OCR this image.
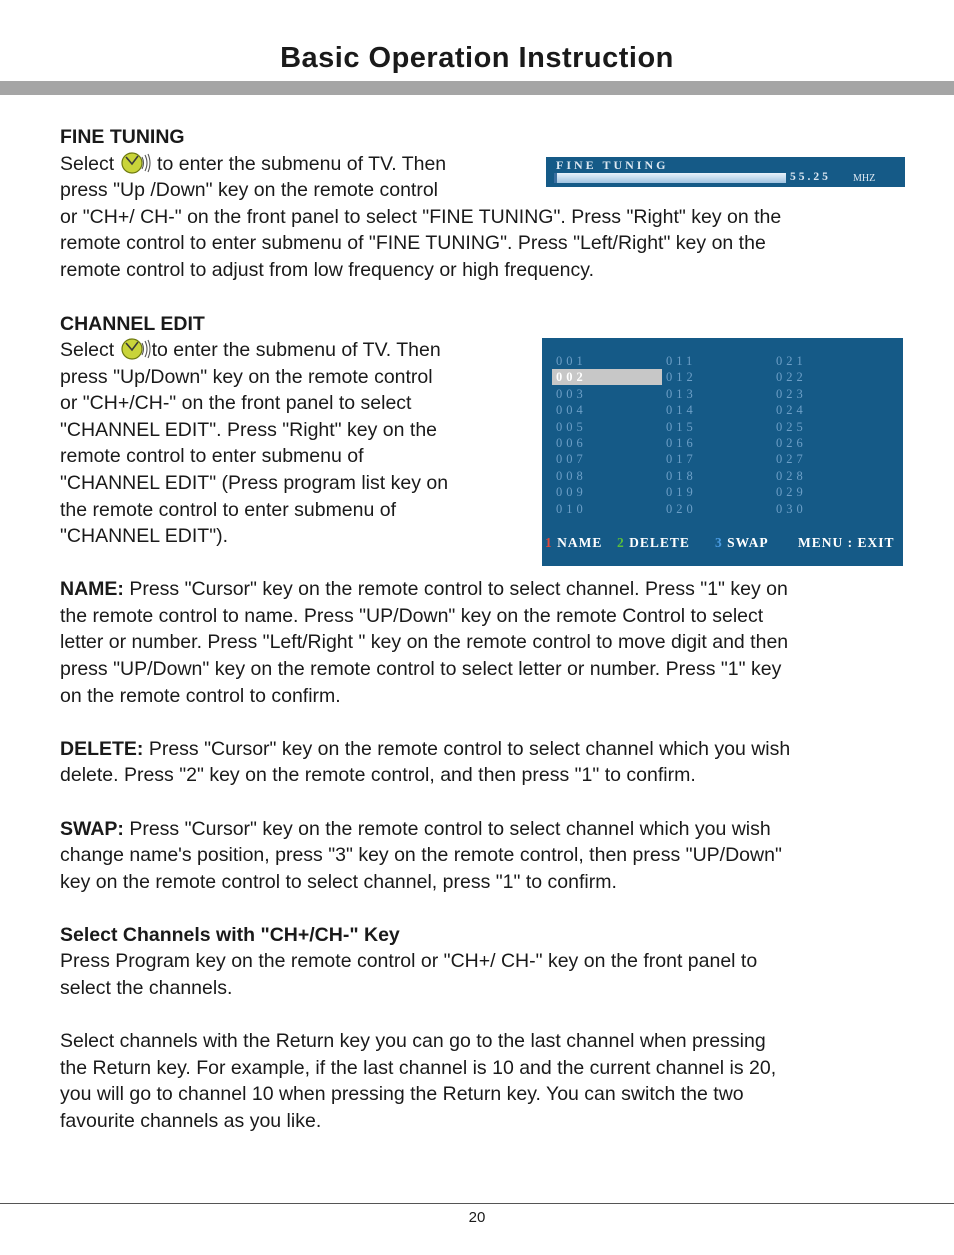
Basic Operation Instruction
FINE TUNING
Select  to enter the submenu of TV. Then
press "Up /Down" key on the remote control
or "CH+/ CH-" on the front panel to select "FINE TUNING". Press "Right" key on the
remote control to enter submenu of "FINE TUNING". Press "Left/Right" key on the
remote control to adjust from low frequency or high frequency.
FINE TUNING
55.25 MHZ
CHANNEL EDIT
Select to enter the submenu of TV. Then
press "Up/Down" key on the remote control
or "CH+/CH-" on the front panel to select
"CHANNEL EDIT". Press "Right" key on the
remote control to enter submenu of
"CHANNEL EDIT" (Press program list key on
the remote control to enter submenu of
"CHANNEL EDIT").	1 NAME 2 DELETE 3 SWAP MENU : EXIT
001
002
003
004
005
006
007
008
009
010
011
012
013
014
015
016
017
018
019
020
021
022
023
024
025
026
027
028
029
030
NAME: Press "Cursor" key on the remote control to select channel. Press "1" key on
the remote control to name. Press "UP/Down" key on the remote Control to select
letter or number. Press "Left/Right " key on the remote control to move digit and then
press "UP/Down" key on the remote control to select letter or number. Press "1" key
on the remote control to confirm.
DELETE: Press "Cursor" key on the remote control to select channel which you wish
delete. Press "2" key on the remote control, and then press "1" to confirm.
SWAP: Press "Cursor" key on the remote control to select channel which you wish
change name's position, press "3" key on the remote control, then press "UP/Down"
key on the remote control to select channel, press "1" to confirm.
Select Channels with "CH+/CH-" Key
Press Program key on the remote control or "CH+/ CH-" key on the front panel to
select the channels.
Select channels with the Return key you can go to the last channel when pressing
the Return key. For example, if the last channel is 10 and the current channel is 20,
you will go to channel 10 when pressing the Return key. You can switch the two
favourite channels as you like.
20
